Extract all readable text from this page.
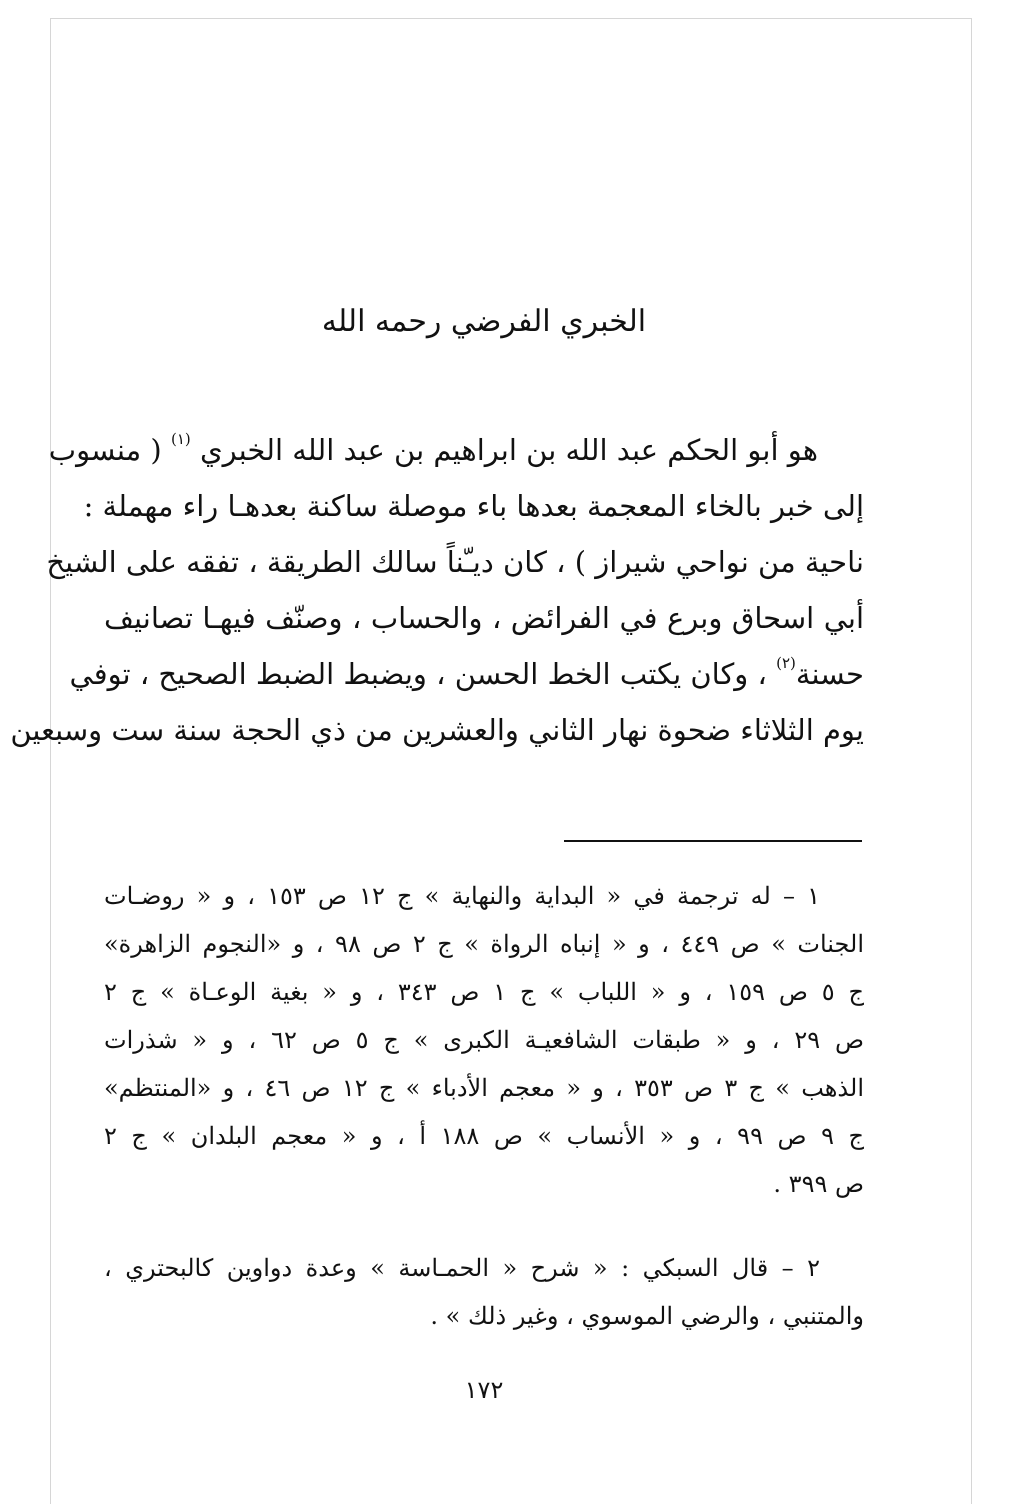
الخبري الفرضي رحمه الله
هو أبو الحكم عبد الله بن ابراهيم بن عبد الله الخبري $^{(١)}$ ( منسوب
إلى خبر بالخاء المعجمة بعدها باء موصلة ساكنة بعدهـا راء مهملة :
ناحية من نواحي شيراز ) ، كان ديـّناً سالك الطريقة ، تفقه على الشيخ
أبي اسحاق وبرع في الفرائض ، والحساب ، وصنّف فيهـا تصانيف
حسنة$^{(٢)}$ ، وكان يكتب الخط الحسن ، ويضبط الضبط الصحيح ، توفي
يوم الثلاثاء ضحوة نهار الثاني والعشرين من ذي الحجة سنة ست وسبعين
١ – له ترجمة في « البداية والنهاية » ج ١٢ ص ١٥٣ ، و « روضـات
الجنات » ص ٤٤٩ ، و « إنباه الرواة » ج ٢ ص ٩٨ ، و «النجوم الزاهرة»
ج ٥ ص ١٥٩ ، و « اللباب » ج ١ ص ٣٤٣ ، و « بغية الوعـاة » ج ٢
ص ٢٩ ، و « طبقات الشافعيـة الكبرى » ج ٥ ص ٦٢ ، و « شذرات
الذهب » ج ٣ ص ٣٥٣ ، و « معجم الأدباء » ج ١٢ ص ٤٦ ، و «المنتظم»
ج ٩ ص ٩٩ ، و « الأنساب » ص ١٨٨ أ ، و « معجم البلدان » ج ٢
ص ٣٩٩ .
٢ – قال السبكي : « شرح « الحمـاسة » وعدة دواوين كالبحتري ،
والمتنبي ، والرضي الموسوي ، وغير ذلك » .
١٧٢
